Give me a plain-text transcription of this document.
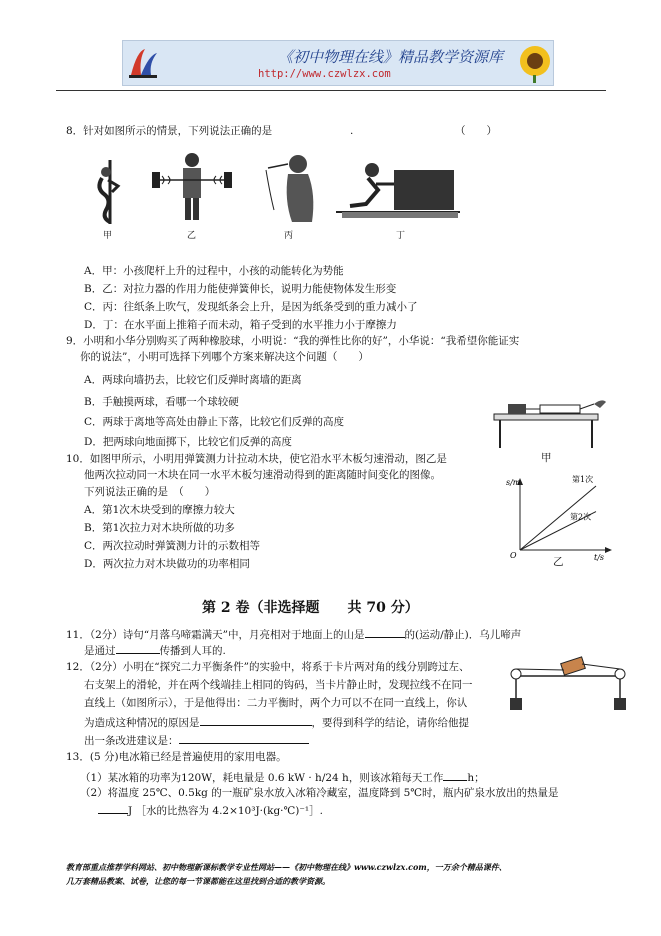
《初中物理在线》精品教学资源库
http://www.czwlzx.com
8．针对如图所示的情景，下列说法正确的是	.	（　　）
甲	乙	丙	丁
A．甲：小孩爬杆上升的过程中，小孩的动能转化为势能
B．乙：对拉力器的作用力能使弹簧伸长，说明力能使物体发生形变
C．丙：往纸条上吹气，发现纸条会上升，是因为纸条受到的重力减小了
D．丁：在水平面上推箱子而未动，箱子受到的水平推力小于摩擦力
9．小明和小华分别购买了两种橡胶球，小明说：“我的弹性比你的好”，小华说：“我希望你能证实
你的说法”，小明可选择下列哪个方案来解决这个问题（　　）
A．两球向墙扔去，比较它们反弹时离墙的距离
B．手触摸两球，看哪一个球较硬
C．两球于离地等高处由静止下落，比较它们反弹的高度
D．把两球向地面掷下，比较它们反弹的高度
甲
10．如图甲所示，小明用弹簧测力计拉动木块，使它沿水平木板匀速滑动，图乙是
他两次拉动同一木块在同一水平木板匀速滑动得到的距离随时间变化的图像。
下列说法正确的是　（　　）
A．第1次木块受到的摩擦力较大
B．第1次拉力对木块所做的功多
C．两次拉动时弹簧测力计的示数相等
D．两次拉力对木块做功的功率相同
s/m
t/s
O
第1次
第2次
乙
第 2 卷（非选择题　　共 70 分）
11．（2分）诗句“月落乌啼霜满天”中，月亮相对于地面上的山是	的(运动/静止)．乌儿啼声
是通过	传播到人耳的.
12．（2分）小明在“探究二力平衡条件”的实验中，将系于卡片两对角的线分别跨过左、
右支架上的滑轮，并在两个线端挂上相同的钩码，当卡片静止时，发现拉线不在同一
直线上（如图所示），于是他得出：二力平衡时，两个力可以不在同一直线上，你认
为造成这种情况的原因是	，要得到科学的结论，请你给他提
出一条改进建议是：
13．(5 分)电冰箱已经是普遍使用的家用电器。
（1）某冰箱的功率为120W，耗电量是 0.6 kW · h/24 h，则该冰箱每天工作 h；
（2）将温度 25℃、0.5kg 的一瓶矿泉水放入冰箱冷藏室，温度降到 5℃时，瓶内矿泉水放出的热量是
J ［水的比热容为 4.2×10³J·(kg·℃)⁻¹］.
教育部重点推荐学科网站、初中物理新课标教学专业性网站——《初中物理在线》www.czwlzx.com，一万余个精品课件、
几万套精品教案、试卷，让您的每一节课都能在这里找到合适的教学资源。
